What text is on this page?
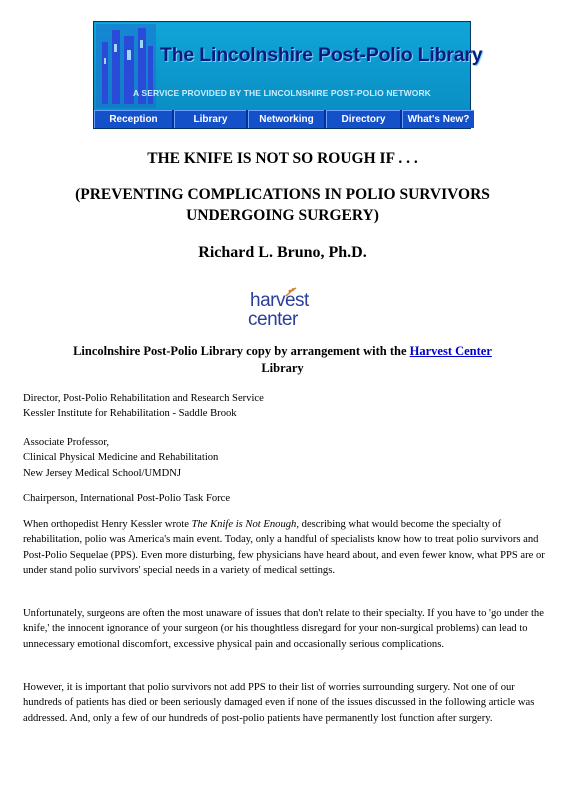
The Lincolnshire Post-Polio Library
A SERVICE PROVIDED BY THE LINCOLNSHIRE POST-POLIO NETWORK
Reception	Library	Networking	Directory	What's New?
THE KNIFE IS NOT SO ROUGH IF . . .
(PREVENTING COMPLICATIONS IN POLIO SURVIVORS
UNDERGOING SURGERY)
Richard L. Bruno, Ph.D.
harvest
center
Lincolnshire Post-Polio Library copy by arrangement with the Harvest Center
Library

Director, Post-Polio Rehabilitation and Research Service

Kessler Institute for Rehabilitation - Saddle Brook

Associate Professor,

Clinical Physical Medicine and Rehabilitation

New Jersey Medical School/UMDNJ

Chairperson, International Post-Polio Task Force

When orthopedist Henry Kessler wrote The Knife is Not Enough, describing what would become the specialty of rehabilitation, polio was America's main event. Today, only a handful of specialists know how to treat polio survivors and Post-Polio Sequelae (PPS). Even more disturbing, few physicians have heard about, and even fewer know, what PPS are or under stand polio survivors' special needs in a variety of medical settings.

Unfortunately, surgeons are often the most unaware of issues that don't relate to their specialty. If you have to 'go under the knife,' the innocent ignorance of your surgeon (or his thoughtless disregard for your non-surgical problems) can lead to unnecessary emotional discomfort, excessive physical pain and occasionally serious complications.

However, it is important that polio survivors not add PPS to their list of worries surrounding surgery. Not one of our hundreds of patients has died or been seriously damaged even if none of the issues discussed in the following article was addressed. And, only a few of our hundreds of post-polio patients have permanently lost function after surgery.
